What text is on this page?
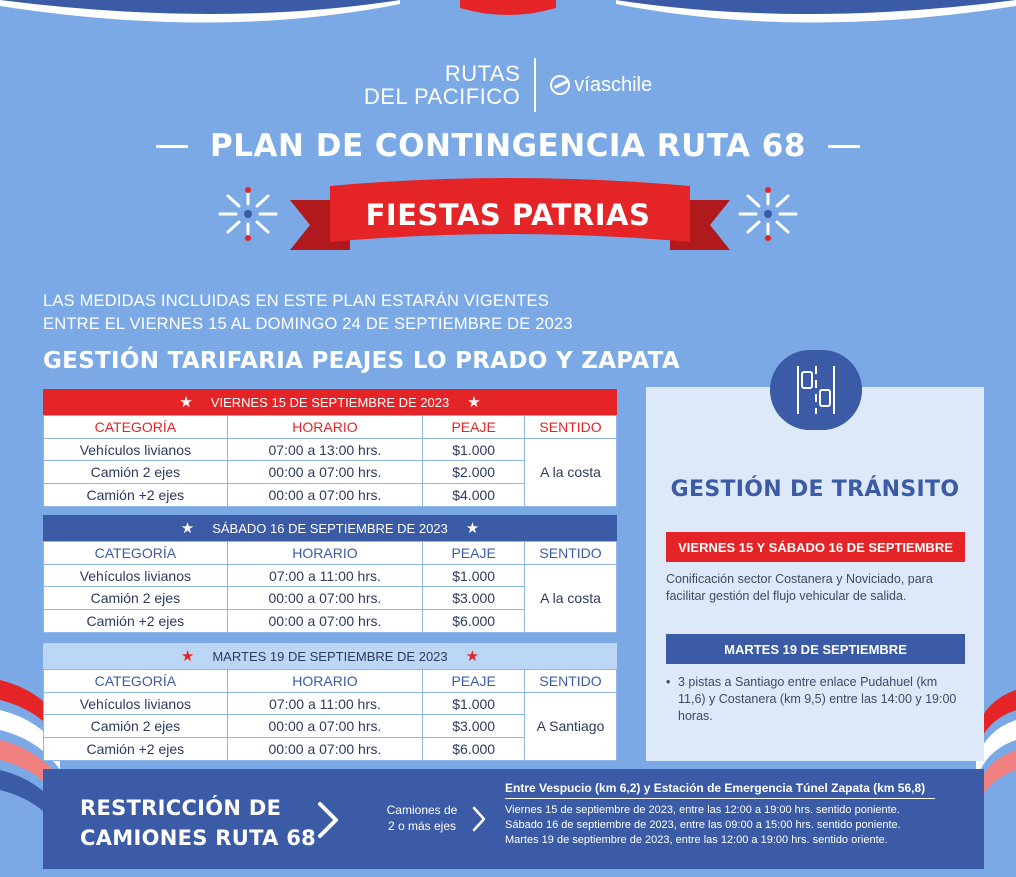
RUTAS
DEL PACIFICO	víaschile
PLAN DE CONTINGENCIA RUTA 68
FIESTAS PATRIAS
LAS MEDIDAS INCLUIDAS EN ESTE PLAN ESTARÁN VIGENTES
ENTRE EL VIERNES 15 AL DOMINGO 24 DE SEPTIEMBRE DE 2023
GESTIÓN TARIFARIA PEAJES LO PRADO Y ZAPATA
★ VIERNES 15 DE SEPTIEMBRE DE 2023 ★
CATEGORÍA	HORARIO	PEAJE	SENTIDO
Vehículos livianos	07:00 a 13:00 hrs.	$1.000	A la costa
Camión 2 ejes	00:00 a 07:00 hrs.	$2.000	
Camión +2 ejes	00:00 a 07:00 hrs.	$4.000	
★ SÁBADO 16 DE SEPTIEMBRE DE 2023 ★
CATEGORÍA	HORARIO	PEAJE	SENTIDO
Vehículos livianos	07:00 a 11:00 hrs.	$1.000	A la costa
Camión 2 ejes	00:00 a 07:00 hrs.	$3.000	
Camión +2 ejes	00:00 a 07:00 hrs.	$6.000	
★ MARTES 19 DE SEPTIEMBRE DE 2023 ★
CATEGORÍA	HORARIO	PEAJE	SENTIDO
Vehículos livianos	07:00 a 11:00 hrs.	$1.000	A Santiago
Camión 2 ejes	00:00 a 07:00 hrs.	$3.000	
Camión +2 ejes	00:00 a 07:00 hrs.	$6.000	
GESTIÓN DE TRÁNSITO
VIERNES 15 Y SÁBADO 16 DE SEPTIEMBRE
Conificación sector Costanera y Noviciado, para facilitar gestión del flujo vehicular de salida.
MARTES 19 DE SEPTIEMBRE
• 3 pistas a Santiago entre enlace Pudahuel (km 11,6) y Costanera (km 9,5) entre las 14:00 y 19:00 horas.
RESTRICCIÓN DE
CAMIONES RUTA 68
Camiones de
2 o más ejes
Entre Vespucio (km 6,2) y Estación de Emergencia Túnel Zapata (km 56,8)
Viernes 15 de septiembre de 2023, entre las 12:00 a 19:00 hrs. sentido poniente.
Sábado 16 de septiembre de 2023, entre las 09:00 a 15:00 hrs. sentido poniente.
Martes 19 de septiembre de 2023, entre las 12:00 a 19:00 hrs. sentido oriente.
